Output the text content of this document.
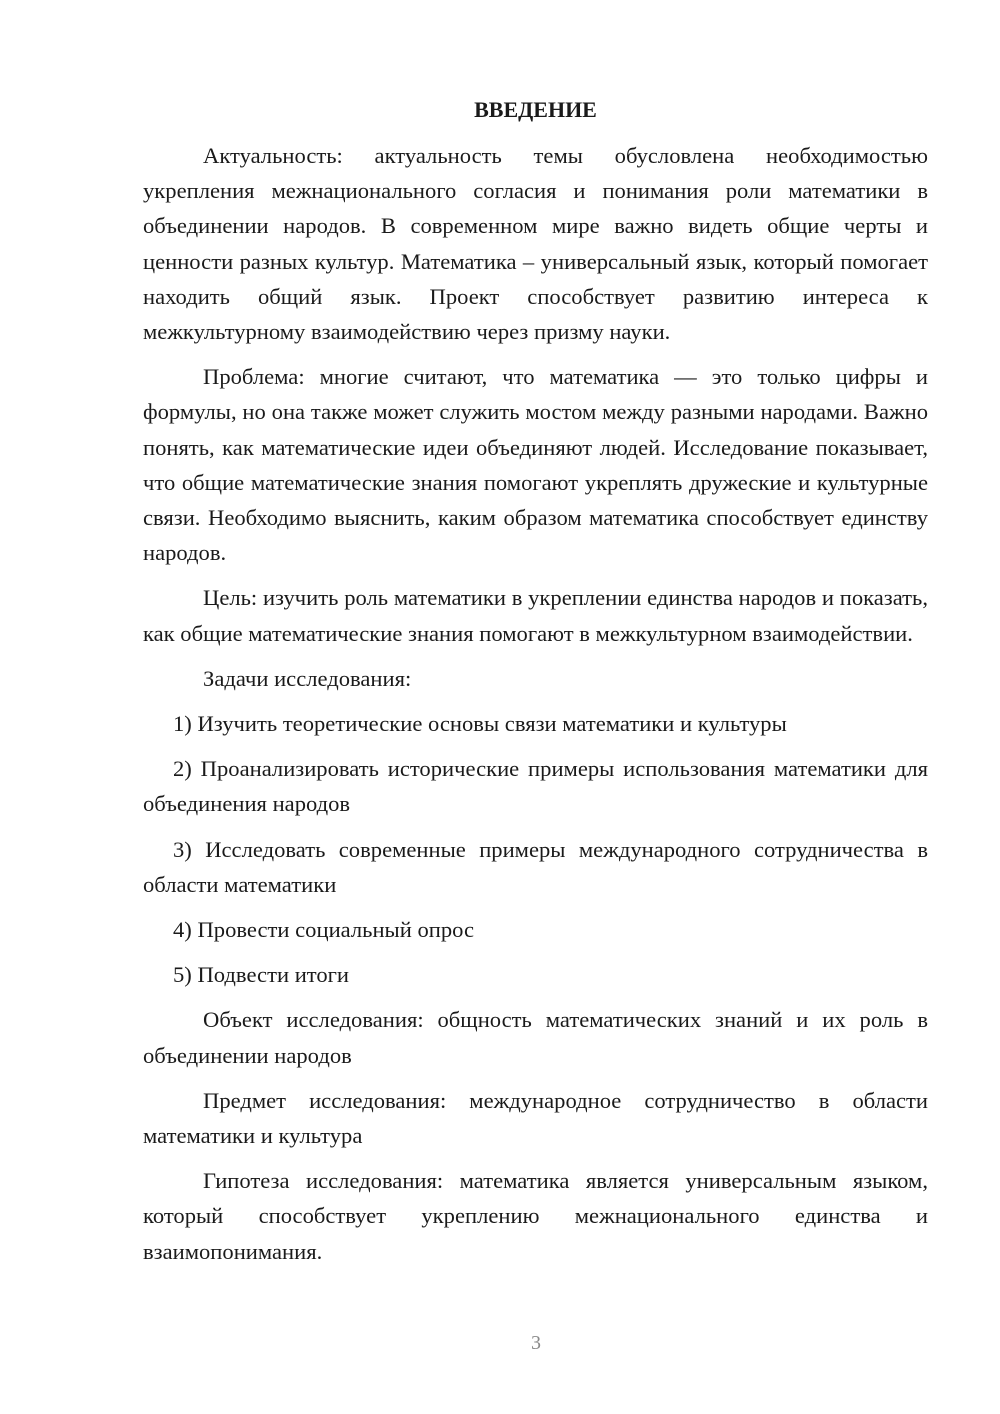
ВВЕДЕНИЕ

Актуальность: актуальность темы обусловлена необходимостью укрепления межнационального согласия и понимания роли математики в объединении народов. В современном мире важно видеть общие черты и ценности разных культур. Математика – универсальный язык, который помогает находить общий язык. Проект способствует развитию интереса к межкультурному взаимодействию через призму науки.

Проблема: многие считают, что математика — это только цифры и формулы, но она также может служить мостом между разными народами. Важно понять, как математические идеи объединяют людей. Исследование показывает, что общие математические знания помогают укреплять дружеские и культурные связи. Необходимо выяснить, каким образом математика способствует единству народов.

Цель: изучить роль математики в укреплении единства народов и показать, как общие математические знания помогают в межкультурном взаимодействии.

Задачи исследования:

1) Изучить теоретические основы связи математики и культуры

2) Проанализировать исторические примеры использования математики для объединения народов

3) Исследовать современные примеры международного сотрудничества в области математики

4) Провести социальный опрос

5) Подвести итоги

Объект исследования: общность математических знаний и их роль в объединении народов

Предмет исследования: международное сотрудничество в области математики и культура

Гипотеза исследования: математика является универсальным языком, который способствует укреплению межнационального единства и взаимопонимания.

3
